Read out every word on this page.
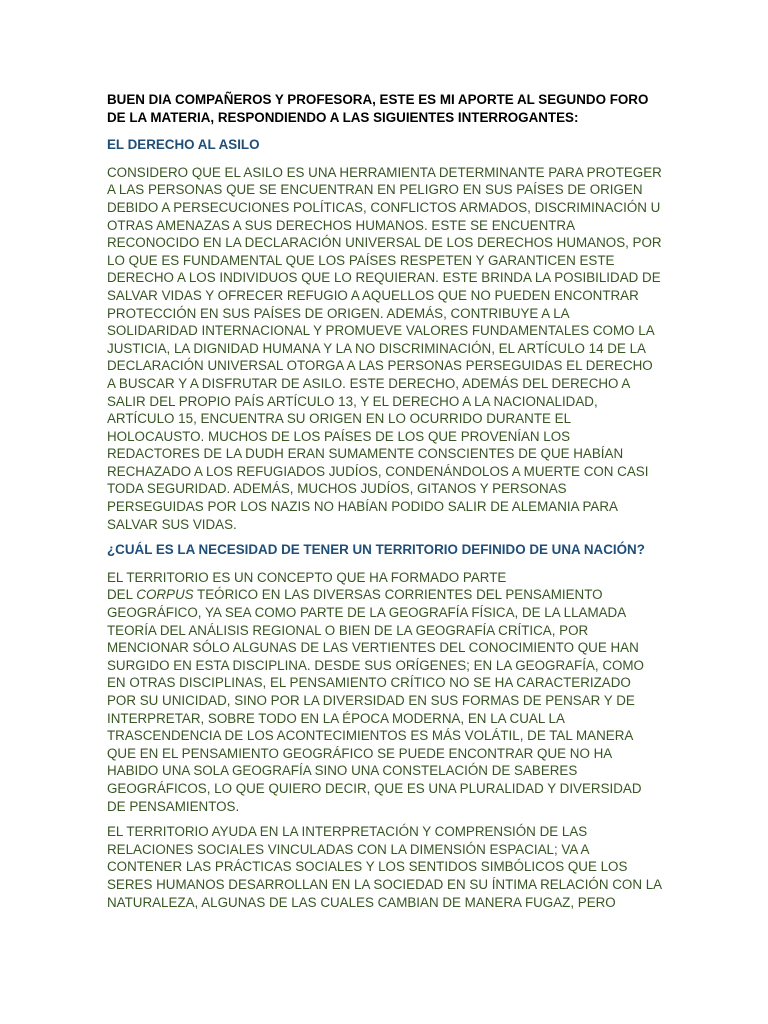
BUEN DIA COMPAÑEROS Y PROFESORA, ESTE ES MI APORTE AL SEGUNDO FORO DE LA MATERIA, RESPONDIENDO A LAS SIGUIENTES INTERROGANTES:

EL DERECHO AL ASILO

CONSIDERO QUE EL ASILO ES UNA HERRAMIENTA DETERMINANTE PARA PROTEGER A LAS PERSONAS QUE SE ENCUENTRAN EN PELIGRO EN SUS PAÍSES DE ORIGEN DEBIDO A PERSECUCIONES POLÍTICAS, CONFLICTOS ARMADOS, DISCRIMINACIÓN U OTRAS AMENAZAS A SUS DERECHOS HUMANOS. ESTE SE ENCUENTRA RECONOCIDO EN LA DECLARACIÓN UNIVERSAL DE LOS DERECHOS HUMANOS, POR LO QUE ES FUNDAMENTAL QUE LOS PAÍSES RESPETEN Y GARANTICEN ESTE DERECHO A LOS INDIVIDUOS QUE LO REQUIERAN. ESTE BRINDA LA POSIBILIDAD DE SALVAR VIDAS Y OFRECER REFUGIO A AQUELLOS QUE NO PUEDEN ENCONTRAR PROTECCIÓN EN SUS PAÍSES DE ORIGEN. ADEMÁS, CONTRIBUYE A LA SOLIDARIDAD INTERNACIONAL Y PROMUEVE VALORES FUNDAMENTALES COMO LA JUSTICIA, LA DIGNIDAD HUMANA Y LA NO DISCRIMINACIÓN, EL ARTÍCULO 14 DE LA DECLARACIÓN UNIVERSAL OTORGA A LAS PERSONAS PERSEGUIDAS EL DERECHO A BUSCAR Y A DISFRUTAR DE ASILO. ESTE DERECHO, ADEMÁS DEL DERECHO A SALIR DEL PROPIO PAÍS ARTÍCULO 13, Y EL DERECHO A LA NACIONALIDAD, ARTÍCULO 15, ENCUENTRA SU ORIGEN EN LO OCURRIDO DURANTE EL HOLOCAUSTO. MUCHOS DE LOS PAÍSES DE LOS QUE PROVENÍAN LOS REDACTORES DE LA DUDH ERAN SUMAMENTE CONSCIENTES DE QUE HABÍAN RECHAZADO A LOS REFUGIADOS JUDÍOS, CONDENÁNDOLOS A MUERTE CON CASI TODA SEGURIDAD. ADEMÁS, MUCHOS JUDÍOS, GITANOS Y PERSONAS PERSEGUIDAS POR LOS NAZIS NO HABÍAN PODIDO SALIR DE ALEMANIA PARA SALVAR SUS VIDAS.

¿CUÁL ES LA NECESIDAD DE TENER UN TERRITORIO DEFINIDO DE UNA NACIÓN?

EL TERRITORIO ES UN CONCEPTO QUE HA FORMADO PARTE
DEL CORPUS TEÓRICO EN LAS DIVERSAS CORRIENTES DEL PENSAMIENTO GEOGRÁFICO, YA SEA COMO PARTE DE LA GEOGRAFÍA FÍSICA, DE LA LLAMADA TEORÍA DEL ANÁLISIS REGIONAL O BIEN DE LA GEOGRAFÍA CRÍTICA, POR MENCIONAR SÓLO ALGUNAS DE LAS VERTIENTES DEL CONOCIMIENTO QUE HAN SURGIDO EN ESTA DISCIPLINA. DESDE SUS ORÍGENES; EN LA GEOGRAFÍA, COMO EN OTRAS DISCIPLINAS, EL PENSAMIENTO CRÍTICO NO SE HA CARACTERIZADO POR SU UNICIDAD, SINO POR LA DIVERSIDAD EN SUS FORMAS DE PENSAR Y DE INTERPRETAR, SOBRE TODO EN LA ÉPOCA MODERNA, EN LA CUAL LA TRASCENDENCIA DE LOS ACONTECIMIENTOS ES MÁS VOLÁTIL, DE TAL MANERA QUE EN EL PENSAMIENTO GEOGRÁFICO SE PUEDE ENCONTRAR QUE NO HA HABIDO UNA SOLA GEOGRAFÍA SINO UNA CONSTELACIÓN DE SABERES GEOGRÁFICOS, LO QUE QUIERO DECIR, QUE ES UNA PLURALIDAD Y DIVERSIDAD DE PENSAMIENTOS.

EL TERRITORIO AYUDA EN LA INTERPRETACIÓN Y COMPRENSIÓN DE LAS RELACIONES SOCIALES VINCULADAS CON LA DIMENSIÓN ESPACIAL; VA A CONTENER LAS PRÁCTICAS SOCIALES Y LOS SENTIDOS SIMBÓLICOS QUE LOS SERES HUMANOS DESARROLLAN EN LA SOCIEDAD EN SU ÍNTIMA RELACIÓN CON LA NATURALEZA, ALGUNAS DE LAS CUALES CAMBIAN DE MANERA FUGAZ, PERO
